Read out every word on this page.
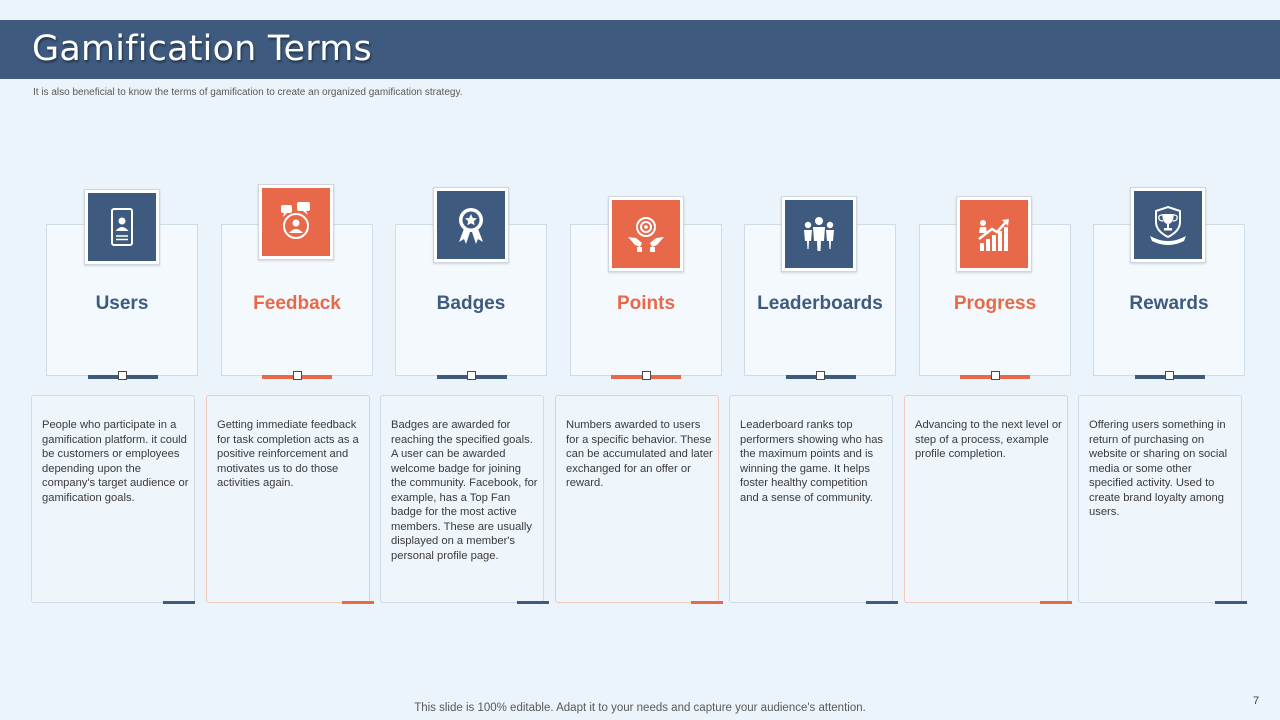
Gamification Terms

It is also beneficial to know the terms of gamification to create an organized gamification strategy.

Users

People who participate in a gamification platform. it could be customers or employees depending upon the company's target audience or gamification goals.

Feedback

Getting immediate feedback for task completion acts as a positive reinforcement and motivates us to do those activities again.

Badges

Badges are awarded for reaching the specified goals. A user can be awarded welcome badge for joining the community. Facebook, for example, has a Top Fan badge for the most active members. These are usually displayed on a member's personal profile page.

Points

Numbers awarded to users for a specific behavior. These can be accumulated and later exchanged for an offer or reward.

Leaderboards

Leaderboard ranks top performers showing who has the maximum points and is winning the game. It helps foster healthy competition and a sense of community.

Progress

Advancing to the next level or step of a process, example profile completion.

Rewards

Offering users something in return of purchasing on website or sharing on social media or some other specified activity. Used to create brand loyalty among users.

This slide is 100% editable. Adapt it to your needs and capture your audience's attention.

7
